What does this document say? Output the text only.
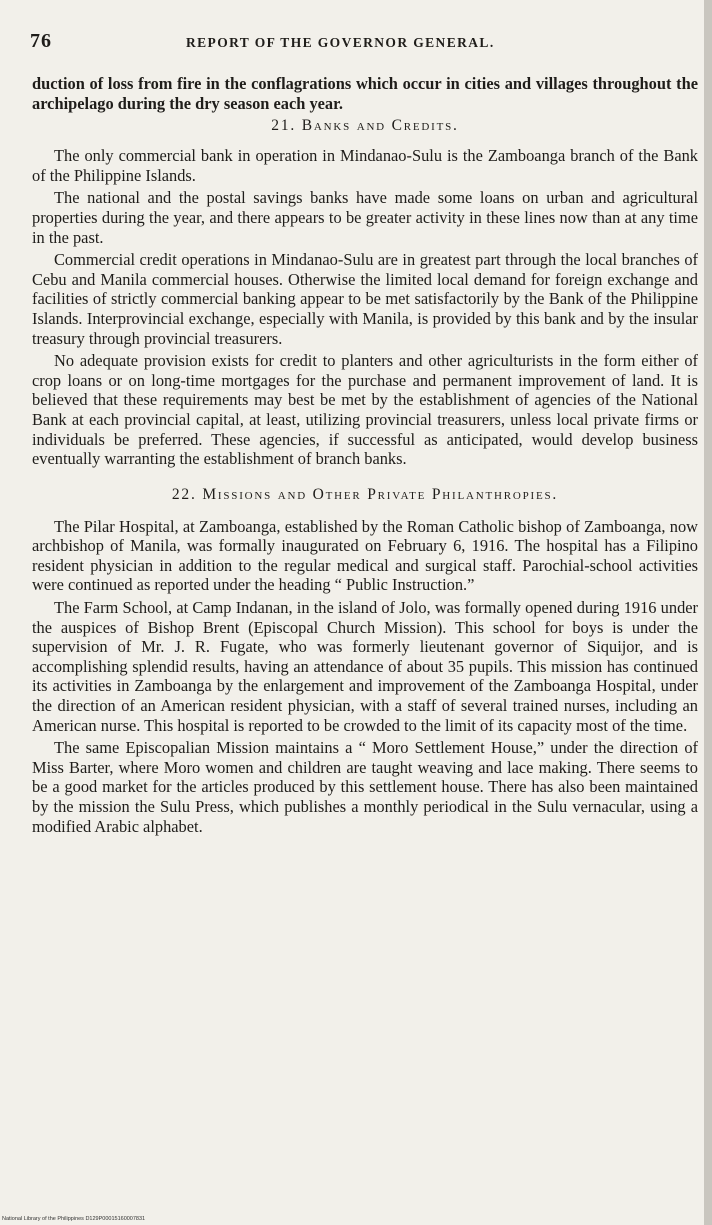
76	REPORT OF THE GOVERNOR GENERAL.

duction of loss from fire in the conflagrations which occur in cities and villages throughout the archipelago during the dry season each year.

21. Banks and Credits.

The only commercial bank in operation in Mindanao-Sulu is the Zamboanga branch of the Bank of the Philippine Islands.

The national and the postal savings banks have made some loans on urban and agricultural properties during the year, and there appears to be greater activity in these lines now than at any time in the past.

Commercial credit operations in Mindanao-Sulu are in greatest part through the local branches of Cebu and Manila commercial houses. Otherwise the limited local demand for foreign exchange and facilities of strictly commercial banking appear to be met satisfactorily by the Bank of the Philippine Islands. Interprovincial exchange, especially with Manila, is provided by this bank and by the insular treasury through provincial treasurers.

No adequate provision exists for credit to planters and other agriculturists in the form either of crop loans or on long-time mortgages for the purchase and permanent improvement of land. It is believed that these requirements may best be met by the establishment of agencies of the National Bank at each provincial capital, at least, utilizing provincial treasurers, unless local private firms or individuals be preferred. These agencies, if successful as anticipated, would develop business eventually warranting the establishment of branch banks.

22. Missions and Other Private Philanthropies.

The Pilar Hospital, at Zamboanga, established by the Roman Catholic bishop of Zamboanga, now archbishop of Manila, was formally inaugurated on February 6, 1916. The hospital has a Filipino resident physician in addition to the regular medical and surgical staff. Parochial-school activities were continued as reported under the heading “ Public Instruction.”

The Farm School, at Camp Indanan, in the island of Jolo, was formally opened during 1916 under the auspices of Bishop Brent (Episcopal Church Mission). This school for boys is under the supervision of Mr. J. R. Fugate, who was formerly lieutenant governor of Siquijor, and is accomplishing splendid results, having an attendance of about 35 pupils. This mission has continued its activities in Zamboanga by the enlargement and improvement of the Zamboanga Hospital, under the direction of an American resident physician, with a staff of several trained nurses, including an American nurse. This hospital is reported to be crowded to the limit of its capacity most of the time.

The same Episcopalian Mission maintains a “ Moro Settlement House,” under the direction of Miss Barter, where Moro women and children are taught weaving and lace making. There seems to be a good market for the articles produced by this settlement house. There has also been maintained by the mission the Sulu Press, which publishes a monthly periodical in the Sulu vernacular, using a modified Arabic alphabet.

National Library of the Philippines D129P00015160007831
